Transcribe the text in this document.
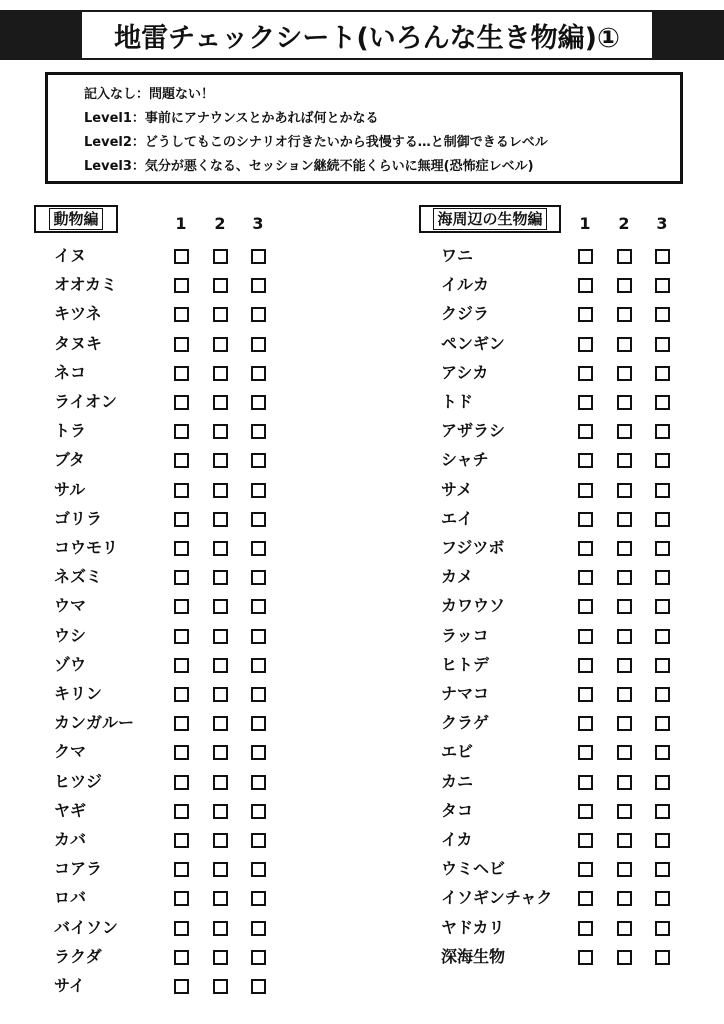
地雷チェックシート(いろんな生き物編)①
記入なし：問題ない！
Level1：事前にアナウンスとかあれば何とかなる
Level2：どうしてもこのシナリオ行きたいから我慢する…と制御できるレベル
Level3：気分が悪くなる、セッション継続不能くらいに無理(恐怖症レベル)
動物編	海周辺の生物編
1 2 3	1 2 3
イヌ
オオカミ
キツネ
タヌキ
ネコ
ライオン
トラ
ブタ
サル
ゴリラ
コウモリ
ネズミ
ウマ
ウシ
ゾウ
キリン
カンガルー
クマ
ヒツジ
ヤギ
カバ
コアラ
ロバ
バイソン
ラクダ
サイ
ワニ
イルカ
クジラ
ペンギン
アシカ
トド
アザラシ
シャチ
サメ
エイ
フジツボ
カメ
カワウソ
ラッコ
ヒトデ
ナマコ
クラゲ
エビ
カニ
タコ
イカ
ウミヘビ
イソギンチャク
ヤドカリ
深海生物
